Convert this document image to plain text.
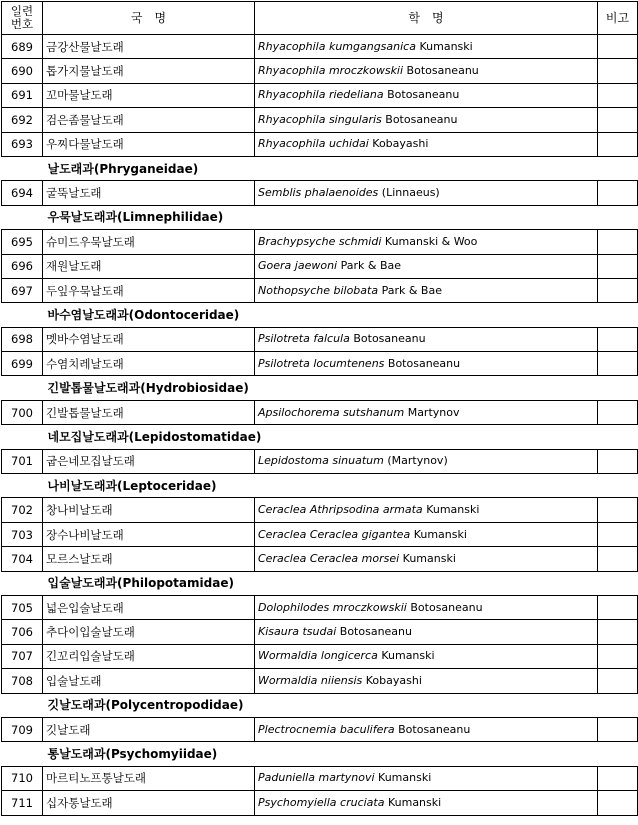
일련
번호	국　명	학　명	비고
689	금강산물날도래	Rhyacophila kumgangsanica Kumanski	
690	톱가지물날도래	Rhyacophila mroczkowskii Botosaneanu	
691	꼬마물날도래	Rhyacophila riedeliana Botosaneanu	
692	검은좀물날도래	Rhyacophila singularis Botosaneanu	
693	우찌다물날도래	Rhyacophila uchidai Kobayashi	
날도래과(Phryganeidae)			
694	굴뚝날도래	Semblis phalaenoides (Linnaeus)	
우묵날도래과(Limnephilidae)			
695	슈미드우묵날도래	Brachypsyche schmidi Kumanski & Woo	
696	재원날도래	Goera jaewoni Park & Bae	
697	두잎우묵날도래	Nothopsyche bilobata Park & Bae	
바수염날도래과(Odontoceridae)			
698	멧바수염날도래	Psilotreta falcula Botosaneanu	
699	수염치레날도래	Psilotreta locumtenens Botosaneanu	
긴발톱물날도래과(Hydrobiosidae)			
700	긴발톱물날도래	Apsilochorema sutshanum Martynov	
네모집날도래과(Lepidostomatidae)			
701	굽은네모집날도래	Lepidostoma sinuatum (Martynov)	
나비날도래과(Leptoceridae)			
702	창나비날도래	Ceraclea Athripsodina armata Kumanski	
703	장수나비날도래	Ceraclea Ceraclea gigantea Kumanski	
704	모르스날도래	Ceraclea Ceraclea morsei Kumanski	
입술날도래과(Philopotamidae)			
705	넓은입술날도래	Dolophilodes mroczkowskii Botosaneanu	
706	추다이입술날도래	Kisaura tsudai Botosaneanu	
707	긴꼬리입술날도래	Wormaldia longicerca Kumanski	
708	입술날도래	Wormaldia niiensis Kobayashi	
깃날도래과(Polycentropodidae)			
709	깃날도래	Plectrocnemia baculifera Botosaneanu	
통날도래과(Psychomyiidae)			
710	마르티노프통날도래	Paduniella martynovi Kumanski	
711	십자통날도래	Psychomyiella cruciata Kumanski	
